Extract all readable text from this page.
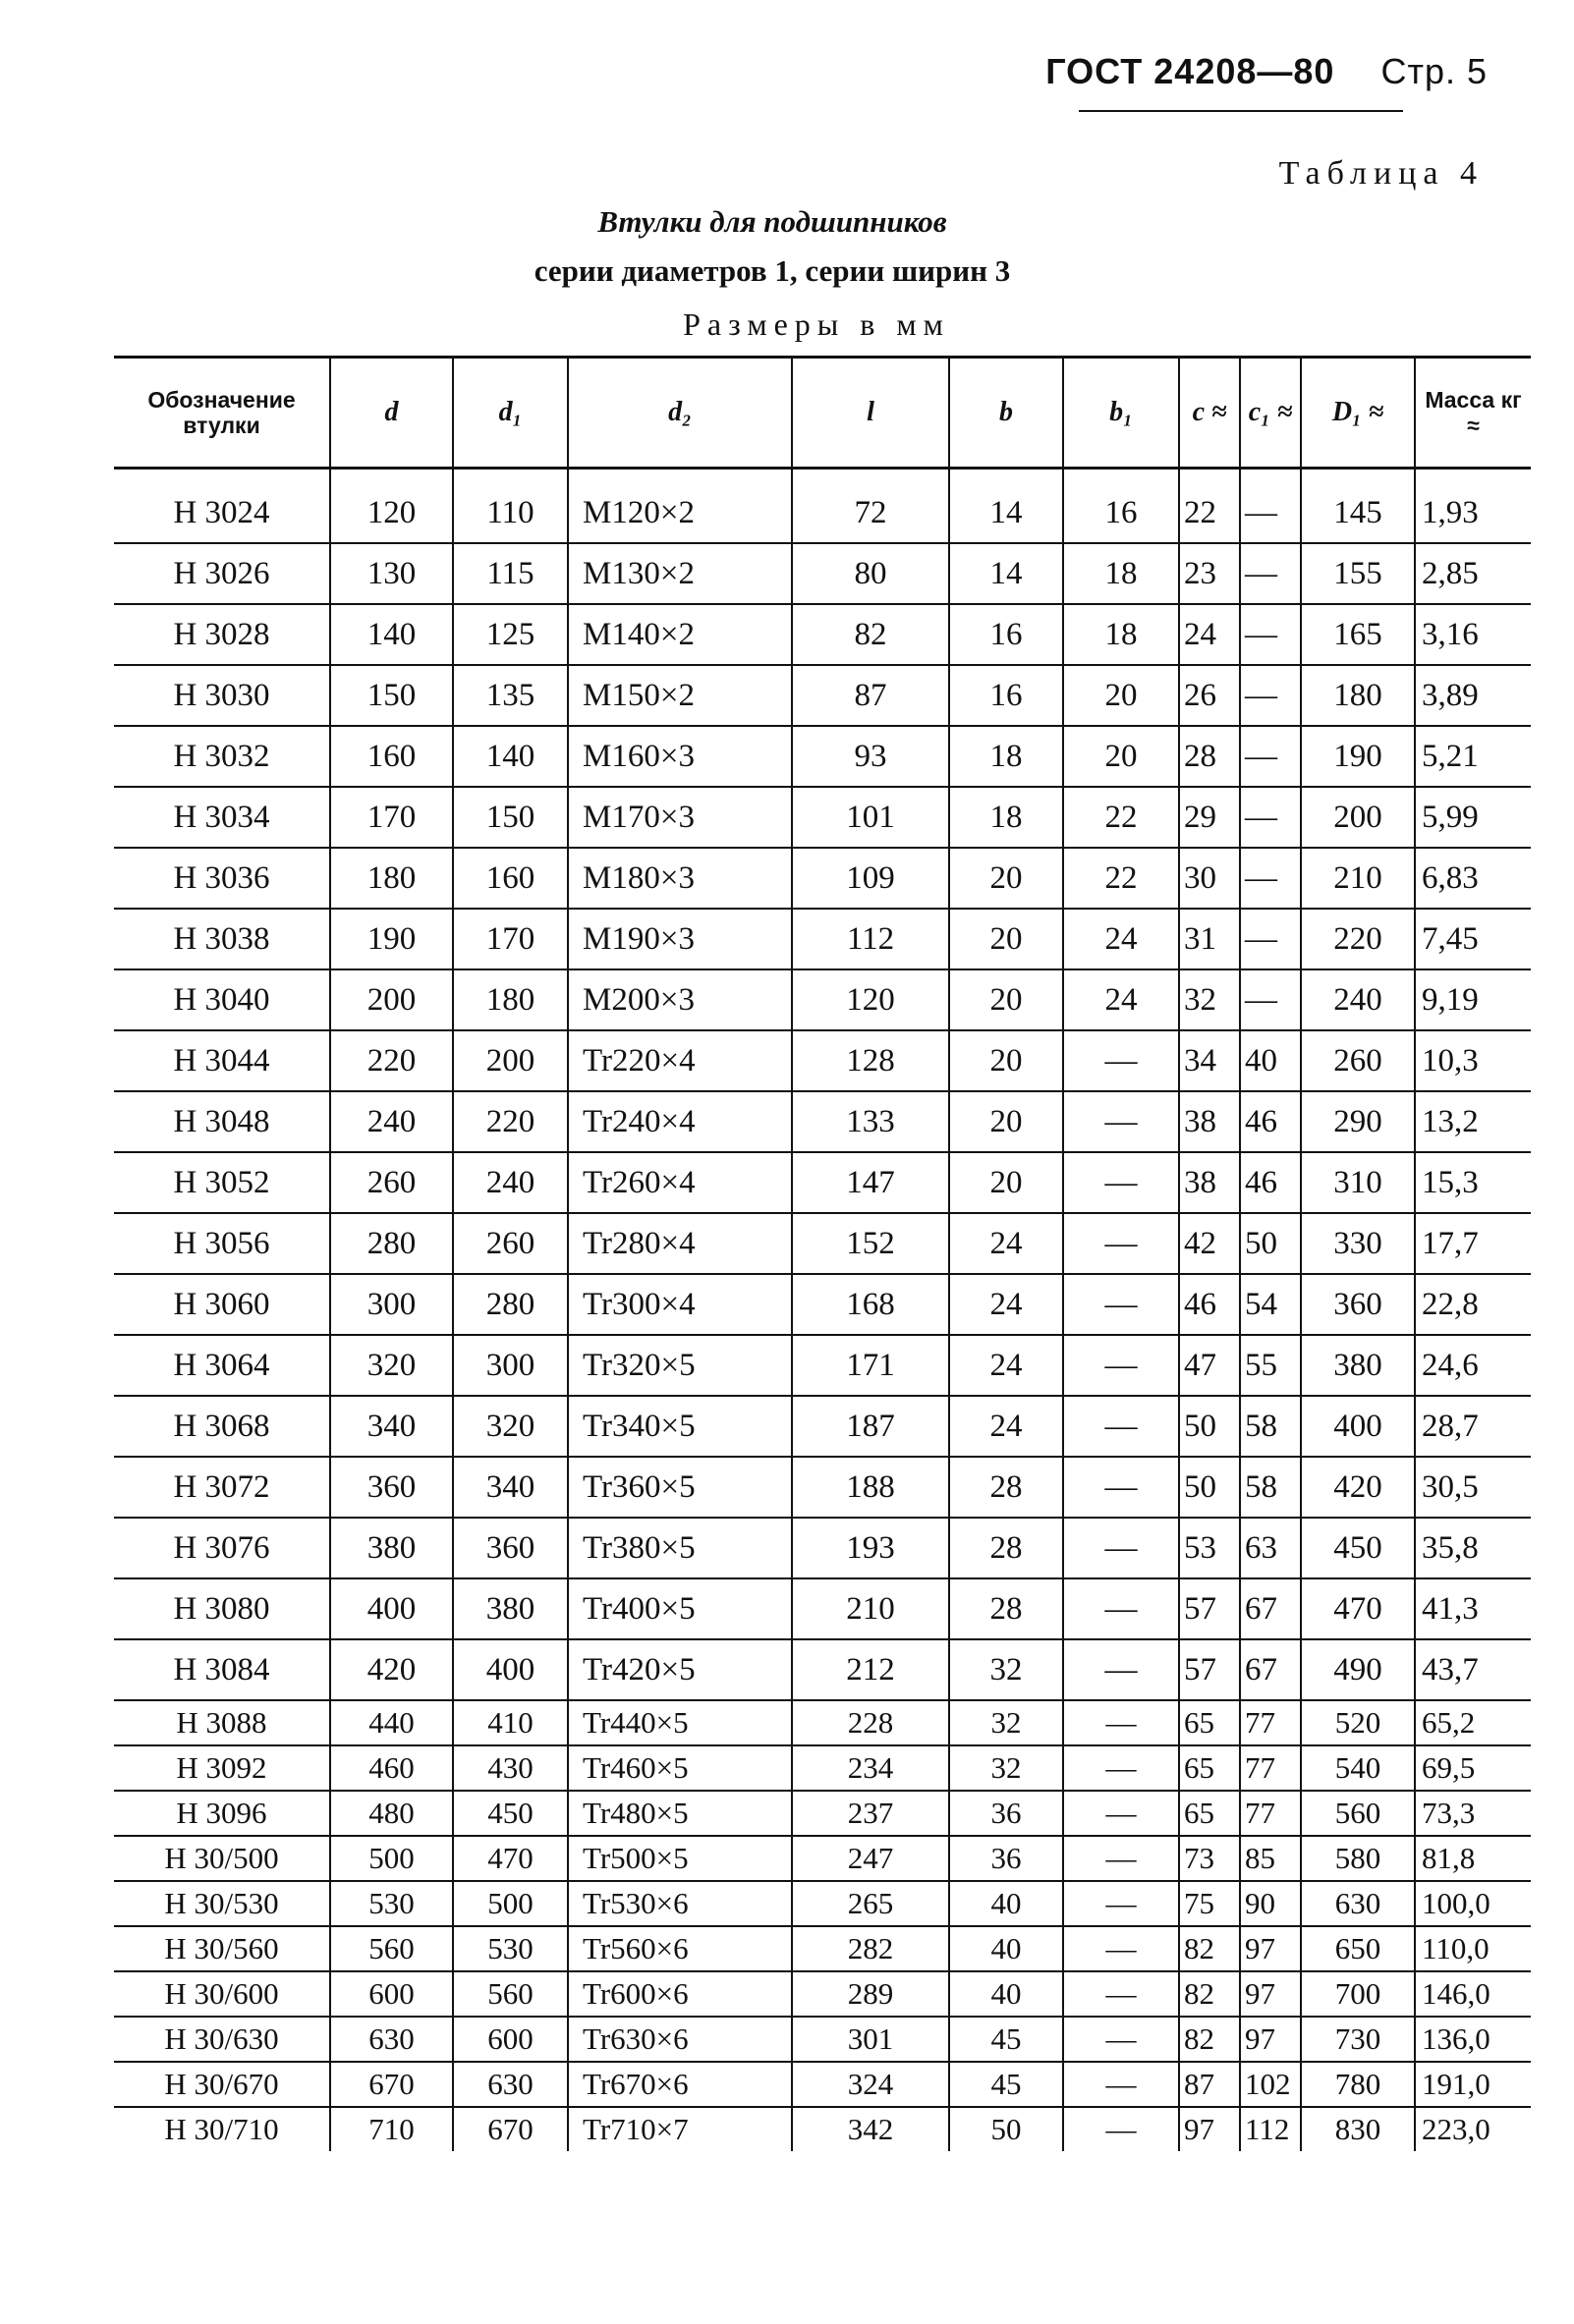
ГОСТ 24208—80 Стр. 5
Таблица 4
Втулки для подшипников
серии диаметров 1, серии ширин 3
Размеры в мм
Обозначение втулки	d	d₁	d₂	l	b	b₁	c ≈	c₁ ≈	D₁ ≈	Масса кг ≈
Н 3024	120	110	М120×2	72	14	16	22	—	145	1,93
Н 3026	130	115	М130×2	80	14	18	23	—	155	2,85
Н 3028	140	125	М140×2	82	16	18	24	—	165	3,16
Н 3030	150	135	М150×2	87	16	20	26	—	180	3,89
Н 3032	160	140	М160×3	93	18	20	28	—	190	5,21
Н 3034	170	150	М170×3	101	18	22	29	—	200	5,99
Н 3036	180	160	М180×3	109	20	22	30	—	210	6,83
Н 3038	190	170	М190×3	112	20	24	31	—	220	7,45
Н 3040	200	180	М200×3	120	20	24	32	—	240	9,19
Н 3044	220	200	Tr220×4	128	20	—	34	40	260	10,3
Н 3048	240	220	Tr240×4	133	20	—	38	46	290	13,2
Н 3052	260	240	Tr260×4	147	20	—	38	46	310	15,3
Н 3056	280	260	Tr280×4	152	24	—	42	50	330	17,7
Н 3060	300	280	Tr300×4	168	24	—	46	54	360	22,8
Н 3064	320	300	Tr320×5	171	24	—	47	55	380	24,6
Н 3068	340	320	Tr340×5	187	24	—	50	58	400	28,7
Н 3072	360	340	Tr360×5	188	28	—	50	58	420	30,5
Н 3076	380	360	Tr380×5	193	28	—	53	63	450	35,8
Н 3080	400	380	Tr400×5	210	28	—	57	67	470	41,3
Н 3084	420	400	Tr420×5	212	32	—	57	67	490	43,7
Н 3088	440	410	Tr440×5	228	32	—	65	77	520	65,2
Н 3092	460	430	Tr460×5	234	32	—	65	77	540	69,5
Н 3096	480	450	Tr480×5	237	36	—	65	77	560	73,3
Н 30/500	500	470	Tr500×5	247	36	—	73	85	580	81,8
Н 30/530	530	500	Tr530×6	265	40	—	75	90	630	100,0
Н 30/560	560	530	Tr560×6	282	40	—	82	97	650	110,0
Н 30/600	600	560	Tr600×6	289	40	—	82	97	700	146,0
Н 30/630	630	600	Tr630×6	301	45	—	82	97	730	136,0
Н 30/670	670	630	Tr670×6	324	45	—	87	102	780	191,0
Н 30/710	710	670	Tr710×7	342	50	—	97	112	830	223,0
